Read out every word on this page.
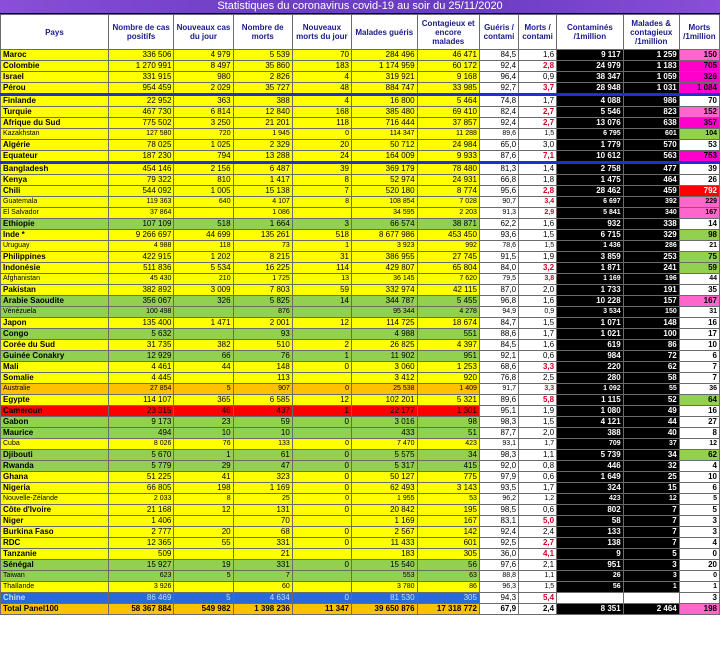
Statistiques du coronavirus covid-19 au soir du 25/11/2020
Pays	Nombre de cas positifs	Nouveaux cas du jour	Nombre de morts	Nouveaux morts du jour	Malades guéris	Contagieux et encore malades	Guéris / contami	Morts / contami	Contaminés /1million	Malades & contagieux /1million	Morts /1million
Maroc	336 506	4 979	5 539	70	284 496	46 471	84,5	1,6	9 117	1 259	150
Colombie	1 270 991	8 497	35 860	183	1 174 959	60 172	92,4	2,8	24 979	1 183	705
Israel	331 915	980	2 826	4	319 921	9 168	96,4	0,9	38 347	1 059	326
Pérou	954 459	2 029	35 727	48	884 747	33 985	92,7	3,7	28 948	1 031	1 084
Finlande	22 952	363	388	4	16 800	5 464	74,8	1,7	4 088	986	70
Turquie	467 730	6 814	12 840	168	385 480	69 410	82,4	2,7	5 546	823	152
Afrique du Sud	775 502	3 250	21 201	118	716 444	37 857	92,4	2,7	13 076	638	357
Kazakhstan	127 580	720	1 945	0	114 347	11 288	89,6	1,5	6 795	601	104
Algérie	78 025	1 025	2 329	20	50 712	24 984	65,0	3,0	1 779	570	53
Equateur	187 230	794	13 288	24	164 009	9 933	87,6	7,1	10 612	563	753
Bangladesh	454 146	2 156	6 487	39	369 179	78 480	81,3	1,4	2 758	477	39
Kenya	79 322	810	1 417	8	52 974	24 931	66,8	1,8	1 475	464	26
Chili	544 092	1 005	15 138	7	520 180	8 774	95,6	2,8	28 462	459	792
Guatemala	119 363	640	4 107	8	108 854	7 028	90,7	3,4	6 697	392	229
El Salvador	37 864		1 086		34 595	2 203	91,3	2,9	5 841	340	167
Ethiopie	107 109	518	1 664	3	66 574	38 871	62,2	1,6	932	338	14
Inde *	9 266 697	44 699	135 261	518	8 677 986	453 450	93,6	1,5	6 715	329	98
Uruguay	4 988	118	73	1	3 923	992	78,6	1,5	1 436	286	21
Philippines	422 915	1 202	8 215	31	386 955	27 745	91,5	1,9	3 859	253	75
Indonésie	511 836	5 534	16 225	114	429 807	65 804	84,0	3,2	1 871	241	59
Afghanistan	45 430	210	1 725	13	36 145	7 620	79,5	3,8	1 169	196	44
Pakistan	382 892	3 009	7 803	59	332 974	42 115	87,0	2,0	1 733	191	35
Arabie Saoudite	356 067	326	5 825	14	344 787	5 455	96,8	1,6	10 228	157	167
Vénézuela	100 498		876		95 344	4 278	94,9	0,9	3 534	150	31
Japon	135 400	1 471	2 001	12	114 725	18 674	84,7	1,5	1 071	148	16
Congo	5 632		93		4 988	551	88,6	1,7	1 021	100	17
Corée du Sud	31 735	382	510	2	26 825	4 397	84,5	1,6	619	86	10
Guinée Conakry	12 929	66	76	1	11 902	951	92,1	0,6	984	72	6
Mali	4 461	44	148	0	3 060	1 253	68,6	3,3	220	62	7
Somalie	4 445		113		3 412	920	76,8	2,5	280	58	7
Australie	27 854	5	907	0	25 538	1 409	91,7	3,3	1 092	55	36
Egypte	114 107	365	6 585	12	102 201	5 321	89,6	5,8	1 115	52	64
Cameroun	23 315	46	437	1	22 177	1 301	95,1	1,9	1 080	49	16
Gabon	9 173	23	59	0	3 016	98	98,3	1,5	4 121	44	27
Maurice	494	10	10		433	51	87,7	2,0	388	40	8
Cuba	8 026	76	133	0	7 470	423	93,1	1,7	709	37	12
Djibouti	5 670	1	61	0	5 575	34	98,3	1,1	5 739	34	62
Rwanda	5 779	29	47	0	5 317	415	92,0	0,8	446	32	4
Ghana	51 225	41	323	0	50 127	775	97,9	0,6	1 649	25	10
Nigeria	66 805	198	1 169	0	62 493	3 143	93,5	1,7	324	15	6
Nouvelle-Zélande	2 033	8	25	0	1 955	53	96,2	1,2	423	12	5
Côte d'Ivoire	21 168	12	131	0	20 842	195	98,5	0,6	802	7	5
Niger	1 406		70		1 169	167	83,1	5,0	58	7	3
Burkina Faso	2 777	20	68	0	2 567	142	92,4	2,4	133	7	3
RDC	12 365	55	331	0	11 433	601	92,5	2,7	138	7	4
Tanzanie	509		21		183	305	36,0	4,1	9	5	0
Sénégal	15 927	19	331	0	15 540	56	97,6	2,1	951	3	20
Taiwan	623	5	7		553	63	88,8	1,1	26	3	0
Thaïlande	3 926		60		3 780	86	96,3	1,5	56	1	1
Chine	86 469	5	4 634	0	81 530	305	94,3	5,4	60	0	3
Total Panel100	58 367 884	549 982	1 398 236	11 347	39 650 876	17 318 772	67,9	2,4	8 351	2 464	198
